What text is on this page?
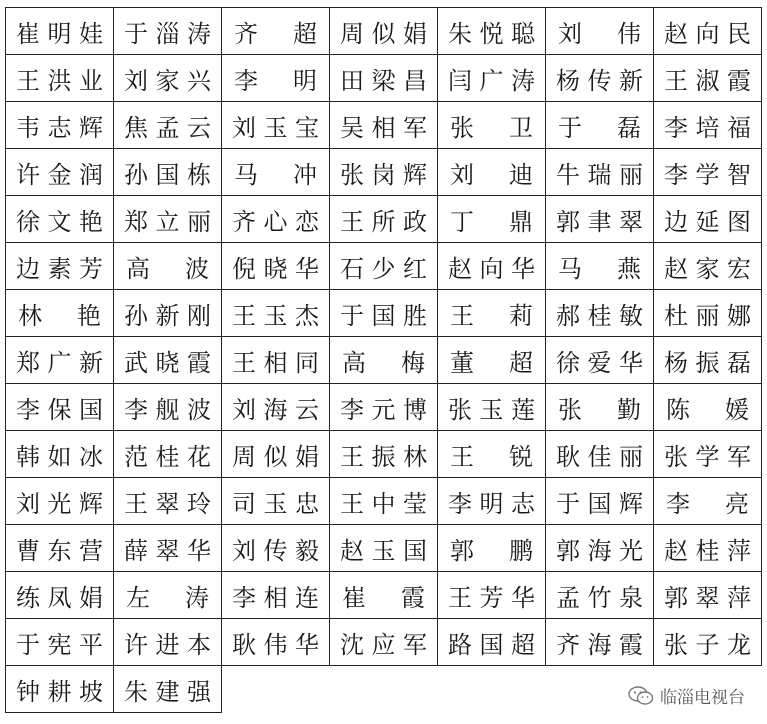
崔 明 娃	于 淄 涛	齐 超	周 似 娟	朱 悦 聪	刘 伟	赵 向 民

王 洪 业	刘 家 兴	李 明	田 梁 昌	闫 广 涛	杨 传 新	王 淑 霞

韦 志 辉	焦 孟 云	刘 玉 宝	吴 相 军	张 卫	于 磊	李 培 福

许 金 润	孙 国 栋	马 冲	张 岗 辉	刘 迪	牛 瑞 丽	李 学 智

徐 文 艳	郑 立 丽	齐 心 恋	王 所 政	丁 鼎	郭 聿 翠	边 延 图

边 素 芳	高 波	倪 晓 华	石 少 红	赵 向 华	马 燕	赵 家 宏

林 艳	孙 新 刚	王 玉 杰	于 国 胜	王 莉	郝 桂 敏	杜 丽 娜

郑 广 新	武 晓 霞	王 相 同	高 梅	董 超	徐 爱 华	杨 振 磊

李 保 国	李 舰 波	刘 海 云	李 元 博	张 玉 莲	张 勤	陈 媛

韩 如 冰	范 桂 花	周 似 娟	王 振 林	王 锐	耿 佳 丽	张 学 军

刘 光 辉	王 翠 玲	司 玉 忠	王 中 莹	李 明 志	于 国 辉	李 亮

曹 东 营	薛 翠 华	刘 传 毅	赵 玉 国	郭 鹏	郭 海 光	赵 桂 萍

练 凤 娟	左 涛	李 相 连	崔 霞	王 芳 华	孟 竹 泉	郭 翠 萍

于 宪 平	许 进 本	耿 伟 华	沈 应 军	路 国 超	齐 海 霞	张 子 龙

钟 耕 坡	朱 建 强					
						临淄电视台
